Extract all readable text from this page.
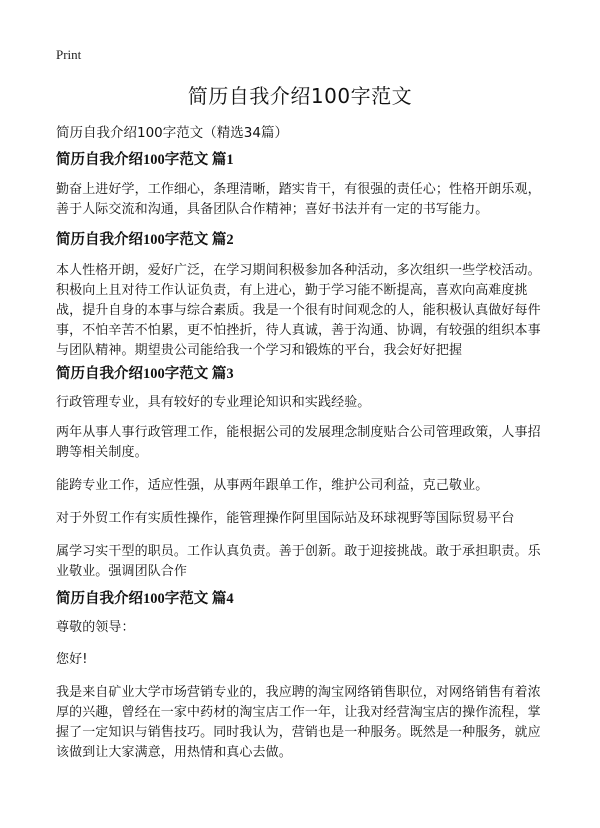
Print
简历自我介绍100字范文

简历自我介绍100字范文（精选34篇）

简历自我介绍100字范文 篇1

勤奋上进好学，工作细心，条理清晰，踏实肯干，有很强的责任心；性格开朗乐观，善于人际交流和沟通，具备团队合作精神；喜好书法并有一定的书写能力。

简历自我介绍100字范文 篇2

本人性格开朗，爱好广泛，在学习期间积极参加各种活动，多次组织一些学校活动。积极向上且对待工作认证负责，有上进心，勤于学习能不断提高，喜欢向高难度挑战，提升自身的本事与综合素质。我是一个很有时间观念的人，能积极认真做好每件事，不怕辛苦不怕累，更不怕挫折，待人真诚，善于沟通、协调，有较强的组织本事与团队精神。期望贵公司能给我一个学习和锻炼的平台，我会好好把握

简历自我介绍100字范文 篇3

行政管理专业，具有较好的专业理论知识和实践经验。

两年从事人事行政管理工作，能根据公司的发展理念制度贴合公司管理政策，人事招聘等相关制度。

能跨专业工作，适应性强，从事两年跟单工作，维护公司利益，克己敬业。

对于外贸工作有实质性操作，能管理操作阿里国际站及环球视野等国际贸易平台

属学习实干型的职员。工作认真负责。善于创新。敢于迎接挑战。敢于承担职责。乐业敬业。强调团队合作

简历自我介绍100字范文 篇4

尊敬的领导：

您好!

我是来自矿业大学市场营销专业的，我应聘的淘宝网络销售职位，对网络销售有着浓厚的兴趣，曾经在一家中药材的淘宝店工作一年，让我对经营淘宝店的操作流程，掌握了一定知识与销售技巧。同时我认为，营销也是一种服务。既然是一种服务，就应该做到让大家满意，用热情和真心去做。
